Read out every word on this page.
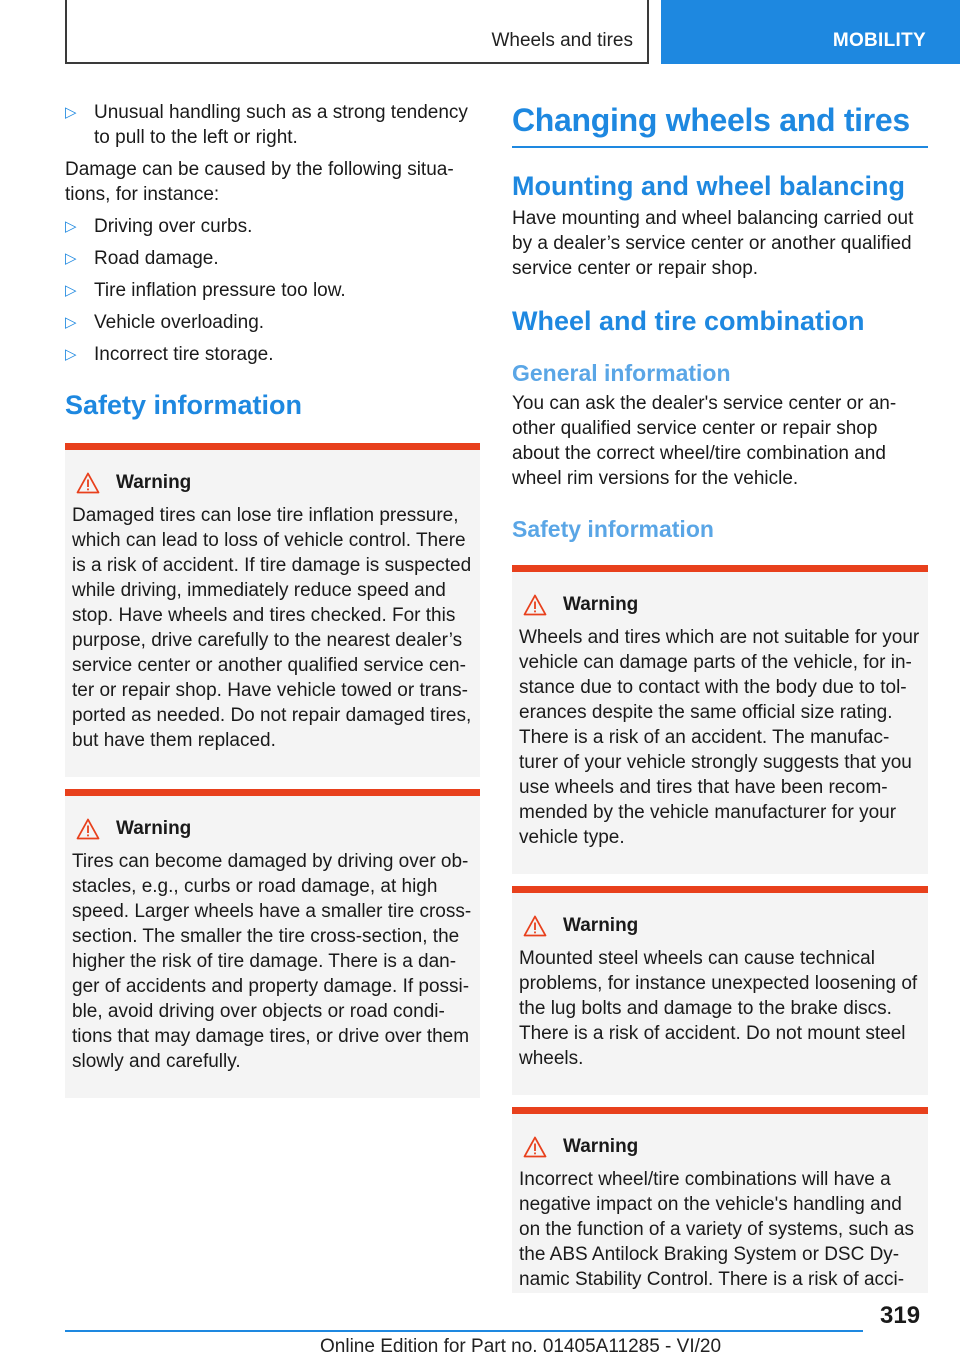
Wheels and tires	MOBILITY
▷ Unusual handling such as a strong tendency to pull to the left or right.

Damage can be caused by the following situa tions, for instance:

▷ Driving over curbs.
▷ Road damage.
▷ Tire inflation pressure too low.
▷ Vehicle overloading.
▷ Incorrect tire storage.
Safety information
Warning

Damaged tires can lose tire inflation pressure, which can lead to loss of vehicle control. There is a risk of accident. If tire damage is suspected while driving, immediately reduce speed and stop. Have wheels and tires checked. For this purpose, drive carefully to the nearest dealer’s service center or another qualified service cen‐ ter or repair shop. Have vehicle towed or trans‐ ported as needed. Do not repair damaged tires, but have them replaced.

Warning

Tires can become damaged by driving over ob‐ stacles, e.g., curbs or road damage, at high speed. Larger wheels have a smaller tire cross- section. The smaller the tire cross-section, the higher the risk of tire damage. There is a dan‐ ger of accidents and property damage. If possi‐ ble, avoid driving over objects or road condi‐ tions that may damage tires, or drive over them slowly and carefully.

Changing wheels and tires
Mounting and wheel balancing

Have mounting and wheel balancing carried out by a dealer’s service center or another qualified service center or repair shop.

Wheel and tire combination
General information

You can ask the dealer's service center or an‐ other qualified service center or repair shop about the correct wheel/tire combination and wheel rim versions for the vehicle.

Safety information
Warning

Wheels and tires which are not suitable for your vehicle can damage parts of the vehicle, for in‐ stance due to contact with the body due to tol‐ erances despite the same official size rating. There is a risk of an accident. The manufac‐ turer of your vehicle strongly suggests that you use wheels and tires that have been recom‐ mended by the vehicle manufacturer for your vehicle type.

Warning

Mounted steel wheels can cause technical problems, for instance unexpected loosening of the lug bolts and damage to the brake discs. There is a risk of accident. Do not mount steel wheels.

Warning

Incorrect wheel/tire combinations will have a negative impact on the vehicle's handling and on the function of a variety of systems, such as the ABS Antilock Braking System or DSC Dy‐ namic Stability Control. There is a risk of acci‐

319
Online Edition for Part no. 01405A11285 - VI/20
